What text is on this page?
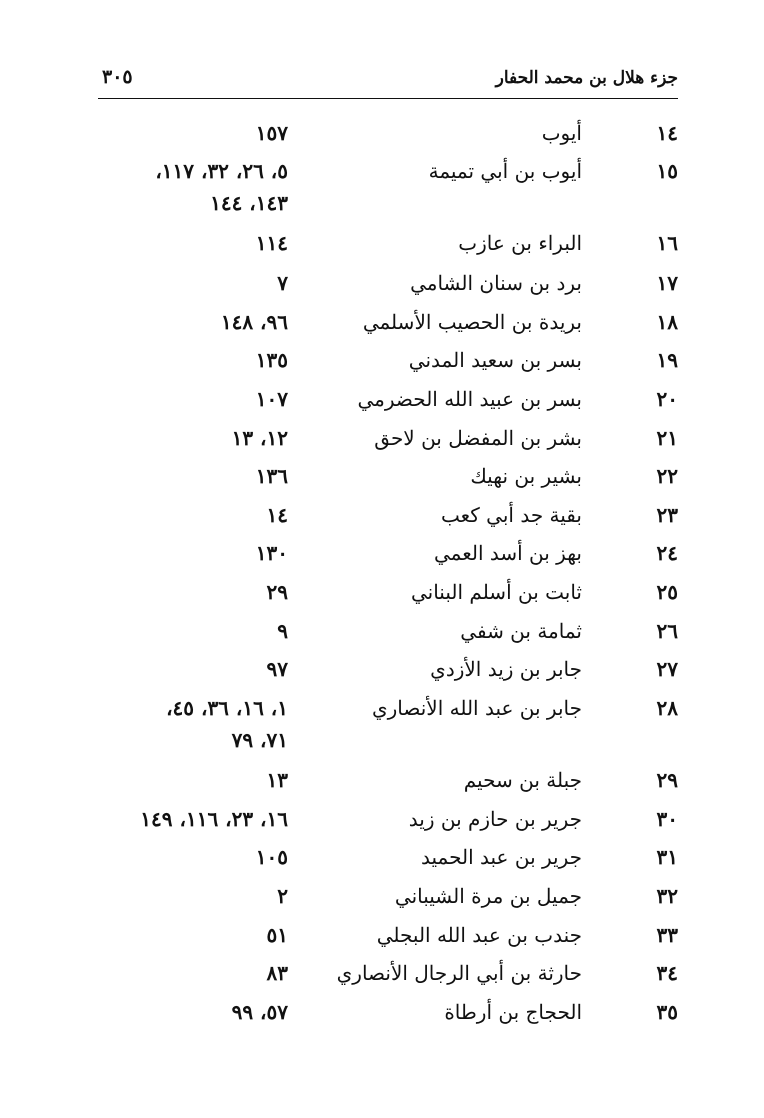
جزء هلال بن محمد الحفار
٣٠٥
١٤
أيوب
١٥٧
١٥
أيوب بن أبي تميمة
٥، ٢٦، ٣٢، ١١٧،
١٤٣، ١٤٤
١٦
البراء بن عازب
١١٤
١٧
برد بن سنان الشامي
٧
١٨
بريدة بن الحصيب الأسلمي
٩٦، ١٤٨
١٩
بسر بن سعيد المدني
١٣٥
٢٠
بسر بن عبيد الله الحضرمي
١٠٧
٢١
بشر بن المفضل بن لاحق
١٢، ١٣
٢٢
بشير بن نهيك
١٣٦
٢٣
بقية جد أبي كعب
١٤
٢٤
بهز بن أسد العمي
١٣٠
٢٥
ثابت بن أسلم البناني
٢٩
٢٦
ثمامة بن شفي
٩
٢٧
جابر بن زيد الأزدي
٩٧
٢٨
جابر بن عبد الله الأنصاري
١، ١٦، ٣٦، ٤٥،
٧١، ٧٩
٢٩
جبلة بن سحيم
١٣
٣٠
جرير بن حازم بن زيد
١٦، ٢٣، ١١٦، ١٤٩
٣١
جرير بن عبد الحميد
١٠٥
٣٢
جميل بن مرة الشيباني
٢
٣٣
جندب بن عبد الله البجلي
٥١
٣٤
حارثة بن أبي الرجال الأنصاري
٨٣
٣٥
الحجاج بن أرطاة
٥٧، ٩٩
